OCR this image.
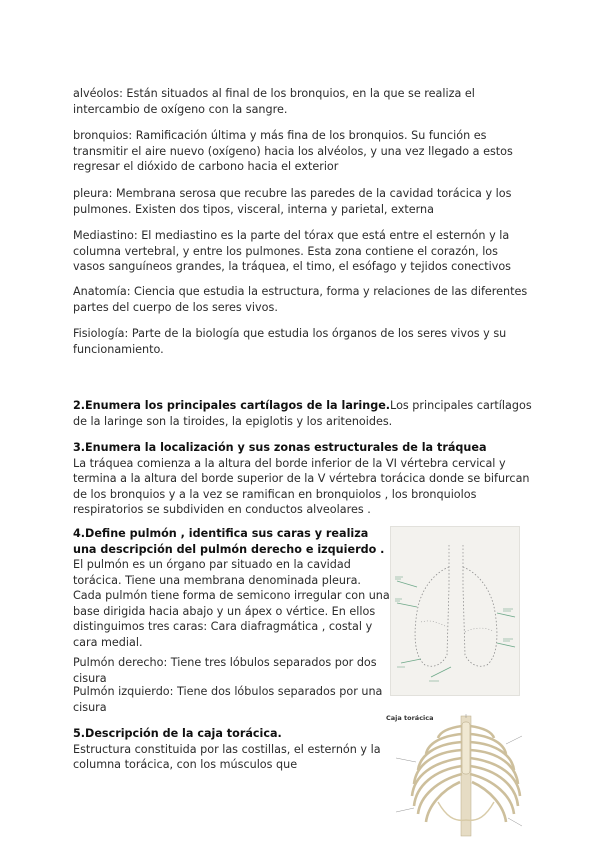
alvéolos: Están situados al final de los bronquios, en la que se realiza el intercambio de oxígeno con la sangre.

bronquios: Ramificación última y más fina de los bronquios. Su función es transmitir el aire nuevo (oxígeno) hacia los alvéolos, y una vez llegado a estos regresar el dióxido de carbono hacia el exterior

pleura: Membrana serosa que recubre las paredes de la cavidad torácica y los pulmones. Existen dos tipos, visceral, interna y parietal, externa

Mediastino: El mediastino es la parte del tórax que está entre el esternón y la columna vertebral, y entre los pulmones. Esta zona contiene el corazón, los vasos sanguíneos grandes, la tráquea, el timo, el esófago y tejidos conectivos

Anatomía: Ciencia que estudia la estructura, forma y relaciones de las diferentes partes del cuerpo de los seres vivos.

Fisiología: Parte de la biología que estudia los órganos de los seres vivos y su funcionamiento.

2.Enumera los principales cartílagos de la laringe.Los principales cartílagos de la laringe son la tiroides, la epiglotis y los aritenoides.

3.Enumera la localización y sus zonas estructurales de la tráquea
La tráquea comienza a la altura del borde inferior de la VI vértebra cervical y termina a la altura del borde superior de la V vértebra torácica donde se bifurcan de los bronquios y a la vez se ramifican en bronquiolos , los bronquiolos respiratorios se subdividen en conductos alveolares .

4.Define pulmón , identifica sus caras y realiza una descripción del pulmón derecho e izquierdo .
El pulmón es un órgano par situado en la cavidad torácica. Tiene una membrana denominada pleura. Cada pulmón tiene forma de semicono irregular con una base dirigida hacia abajo y un ápex o vértice. En ellos distinguimos tres caras: Cara diafragmática , costal y cara medial.

Pulmón derecho: Tiene tres lóbulos separados por dos cisura

Pulmón izquierdo: Tiene dos lóbulos separados por una cisura

5.Descripción de la caja torácica.
Estructura constituida por las costillas, el esternón y la columna torácica, con los músculos que

Caja torácica
